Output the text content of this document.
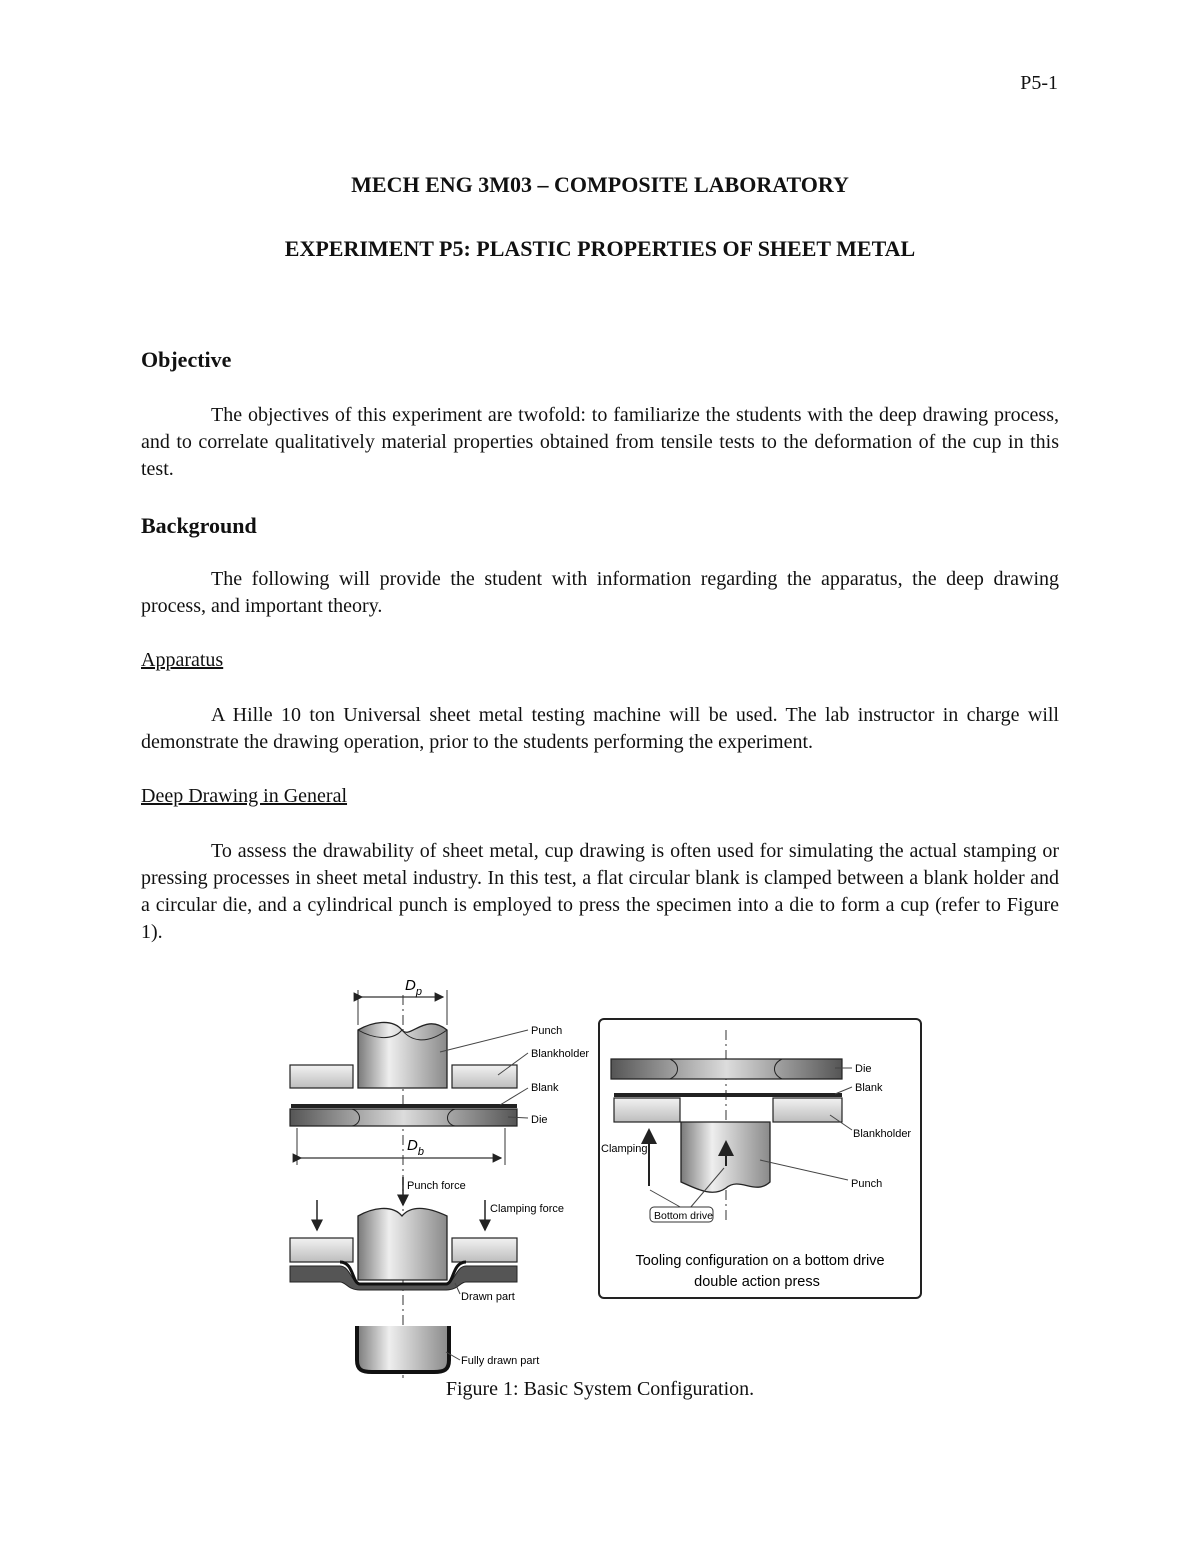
P5-1
MECH ENG 3M03 – COMPOSITE LABORATORY
EXPERIMENT P5: PLASTIC PROPERTIES OF SHEET METAL
Objective

The objectives of this experiment are twofold: to familiarize the students with the deep drawing process, and to correlate qualitatively material properties obtained from tensile tests to the deformation of the cup in this test.

Background

The following will provide the student with information regarding the apparatus, the deep drawing process, and important theory.

Apparatus

A Hille 10 ton Universal sheet metal testing machine will be used. The lab instructor in charge will demonstrate the drawing operation, prior to the students performing the experiment.

Deep Drawing in General

To assess the drawability of sheet metal, cup drawing is often used for simulating the actual stamping or pressing processes in sheet metal industry. In this test, a flat circular blank is clamped between a blank holder and a circular die, and a cylindrical punch is employed to press the specimen into a die to form a cup (refer to Figure 1).

$D_p$
$D_b$
Punch
Blankholder
Blank
Die
Punch force
Clamping force
Drawn part
Fully drawn part
Die
Blank
Blankholder
Punch
Clamping
Bottom drive
Tooling configuration on a bottom drive
double action press
Figure 1: Basic System Configuration.
